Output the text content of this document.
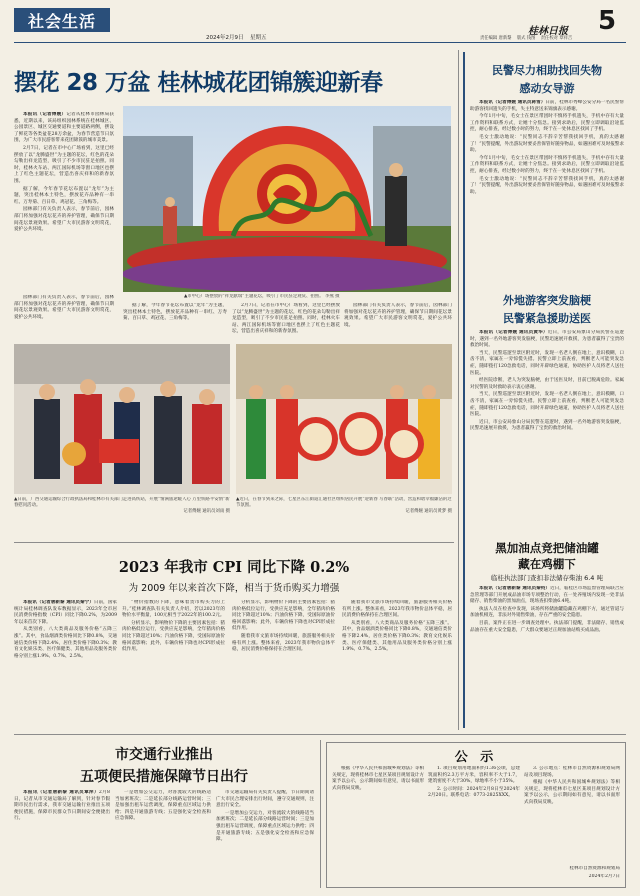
社会生活
2024年2月9日 星期五
桂林日报 5
责任编辑 唐新黎 版式 钱图 责任校对 覃祥吉
摆花 28 万盆 桂林城花团锦簇迎新春

本报讯（记者傅婉）记者从桂林市园林局获悉，近期以来，该局组织园林系统在桂林城区、公园景区、城区交通要道和主要道路两侧，摆设了鲜花等各类盆花28万余盆，为春节营造节日氛围，为广大市民游客带来花团锦簇的城市美景。

2月7日，记者在市中心广场看到，这里已经摆放了以“龙腾盛世”为主题的花坛，红色的花朵勾勒出祥龙造型，吸引了不少市民驻足拍照。同时，桂林火车站、两江国际机场等窗口地区也摆上了红色主题花坛，营造出喜庆祥和的新春氛围。

据了解，今年春节花坛布置以“龙年”为主题，突出桂林本土特色，摆放花卉品种有一串红、万寿菊、百日草、鸡冠花、三角梅等。

园林部门有关负责人表示，春节前后，园林部门将加强对花坛花卉的养护管理，确保节日期间花坛景观效果。希望广大市民游客文明赏花，爱护公共环境。

▲市中心广场摆放的“祥龙献瑞”主题花坛，吸引了市民驻足观赏、拍照。 李燕 摄

园林部门有关负责人表示，春节前后，园林部门将加强对花坛花卉的养护管理，确保节日期间花坛景观效果。希望广大市民游客文明赏花，爱护公共环境。

据了解，今年春节花坛布置以“龙年”为主题，突出桂林本土特色，摆放花卉品种有一串红、万寿菊、百日草、鸡冠花、三角梅等。

2月7日，记者在市中心广场看到，这里已经摆放了以“龙腾盛世”为主题的花坛，红色的花朵勾勒出祥龙造型，吸引了不少市民驻足拍照。同时，桂林火车站、两江国际机场等窗口地区也摆上了红色主题花坛，营造出喜庆祥和的新春氛围。

园林部门有关负责人表示，春节前后，园林部门将加强对花坛花卉的养护管理，确保节日期间花坛景观效果。希望广大市民游客文明赏花，爱护公共环境。

▲日前，广西交通运输综合行政执法局和桂林市有关部门走进高铁站，开展“情满旅途暖人心 万里铁路平安情”新春慰问活动。
记者傅婉 通讯员刘雨 摄
▲近日，在春节到来之际，七星区东江街道汇通社区组织居民开展“迎新春 写春联”活动，营造和谐幸福廉洁的过节氛围。
记者傅婉 通讯员黄梦 摄
2023 年我市 CPI 同比下降 0.2%
为 2009 年以来首次下降，相当于货币购买力增强

本报讯（记者唐新黎 通讯员秦宁）日前，国家统计局桂林调查队发布数据显示，2023年全市居民消费价格指数（CPI）同比下降0.2%，为2009年以来首次下降。

从类别看，八大类商品及服务价格“五降三涨”。其中，食品烟酒类价格同比下降0.8%，交通通信类价格下降2.4%，居住类价格下降0.3%；教育文化娱乐类、医疗保健类、其他用品及服务类价格分别上涨1.9%、0.7%、2.5%。

“物价指数的下降，意味着货币购买力的上升。”桂林调查队有关负责人介绍，若以2023年的物价水平衡量，100元相当于2022年的100.2元。

分析显示，影响物价下降的主要因素包括：猪肉价格低位运行，受供应充足影响，全年猪肉价格同比下降超过10%；汽油价格下降，受国际原油价格回落影响；此外，车辆价格下降也对CPI形成拉低作用。

分析显示，影响物价下降的主要因素包括：猪肉价格低位运行，受供应充足影响，全年猪肉价格同比下降超过10%；汽油价格下降，受国际原油价格回落影响；此外，车辆价格下降也对CPI形成拉低作用。

随着我市文旅市场持续回暖，旅游服务相关价格有所上涨。整体来看，2023年我市物价总体平稳，居民消费价格保持在合理区间。

随着我市文旅市场持续回暖，旅游服务相关价格有所上涨。整体来看，2023年我市物价总体平稳，居民消费价格保持在合理区间。

从类别看，八大类商品及服务价格“五降三涨”。其中，食品烟酒类价格同比下降0.8%，交通通信类价格下降2.4%，居住类价格下降0.3%；教育文化娱乐类、医疗保健类、其他用品及服务类价格分别上涨1.9%、0.7%、2.5%。

市交通行业推出
五项便民措施保障节日出行

本报讯（记者唐新黎 通讯员覃萍）2月8日，记者从市交通运输局了解到，针对春节假期市民出行需求，我市交通运输行业推出五项便民措施，保障市民群众节日期间安全便捷出行。

一是增加公交运力，对客流较大的线路适当加密班次；二是延长部分线路运营时间；三是加强出租车运营调度，保障重点区域运力供给；四是开通旅游专线；五是强化安全检查和应急保障。

市交通运输局有关负责人提醒，节日期间请广大市民合理安排出行时间，遵守交通规则，注意出行安全。

一是增加公交运力，对客流较大的线路适当加密班次；二是延长部分线路运营时间；三是加强出租车运营调度，保障重点区域运力供给；四是开通旅游专线；五是强化安全检查和应急保障。

公 示

根据《中华人民共和国城乡规划法》等相关规定，现将桂林市七星区某项目规划设计方案予以公示，公示期间如有意见，请以书面形式向我局反映。

1. 项目规划用地面积约1.36公顷，总建筑面积约2.3万平方米，容积率不大于1.7，建筑密度不大于30%，绿地率不小于35%。

2. 公示时间：2024年2月8日至2024年2月20日。联系电话：0773-2825XXX。

3. 公示地点：桂林市自然资源和规划局网站及项目现场。

根据《中华人民共和国城乡规划法》等相关规定，现将桂林市七星区某项目规划设计方案予以公示，公示期间如有意见，请以书面形式向我局反映。

桂林市自然资源和规划局
2024年2月7日
民警尽力相助找回失物
感动女导游

本报讯（记者傅婉 通讯员蒋雪）日前，桂林市秀峰公安分局一名民警帮助游客找回遗失的手机，失主特意送来锦旗表示感谢。

今年1月中旬，毛女士在景区带团时不慎将手机遗失，手机中存有大量工作资料和联系方式，让她十分焦急。接到求助后，民警立即调取沿途监控，耐心排查，经过数小时的努力，终于在一处休息区找回了手机。

毛女士激动地说：“民警同志不辞辛苦帮我找回手机，真的太感谢了！”民警提醒，外出游玩时要妥善保管好随身物品，如遇困难可及时报警求助。

今年1月中旬，毛女士在景区带团时不慎将手机遗失，手机中存有大量工作资料和联系方式，让她十分焦急。接到求助后，民警立即调取沿途监控，耐心排查，经过数小时的努力，终于在一处休息区找回了手机。

毛女士激动地说：“民警同志不辞辛苦帮我找回手机，真的太感谢了！”民警提醒，外出游玩时要妥善保管好随身物品，如遇困难可及时报警求助。

外地游客突发脑梗
民警紧急援助送医

本报讯（记者傅婉 通讯员黄华）近日，市公安局象山分局民警在巡逻时，遇到一名外地游客突发脑梗，民警迅速展开救援，为患者赢得了宝贵的救治时间。

当天，民警巡逻至景区附近时，发现一名老人倒在地上，意识模糊，口齿不清，家属在一旁惊慌失措。民警立即上前查看，判断老人可能突发急症，随即拨打120急救电话，同时开辟绿色通道，协助医护人员将老人送往医院。

经医院诊断，老人为突发脑梗，由于送医及时，目前已脱离危险。家属对民警的及时救助表示衷心感谢。

当天，民警巡逻至景区附近时，发现一名老人倒在地上，意识模糊，口齿不清，家属在一旁惊慌失措。民警立即上前查看，判断老人可能突发急症，随即拨打120急救电话，同时开辟绿色通道，协助医护人员将老人送往医院。

近日，市公安局象山分局民警在巡逻时，遇到一名外地游客突发脑梗，民警迅速展开救援，为患者赢得了宝贵的救治时间。

黑加油点竞把储油罐
藏在鸡棚下
临桂执法部门查扣非法储存柴油 6.4 吨

本报讯（记者唐新黎 通讯员秦钧）近日，临桂区市场监督管理局联合应急管理等部门开展成品油市场专项整治行动，在一处养殖场内发现一处非法储存、销售柴油的黑加油点，现场查扣柴油6.4吨。

执法人员在检查中发现，该场所将储油罐隐藏在鸡棚下方，通过管道与加油机相连，非法对外销售柴油，存在严重的安全隐患。

目前，案件正在进一步调查处理中。执法部门提醒，非法储存、销售成品油存在重大安全隐患，广大群众要通过正规加油站购买成品油。
